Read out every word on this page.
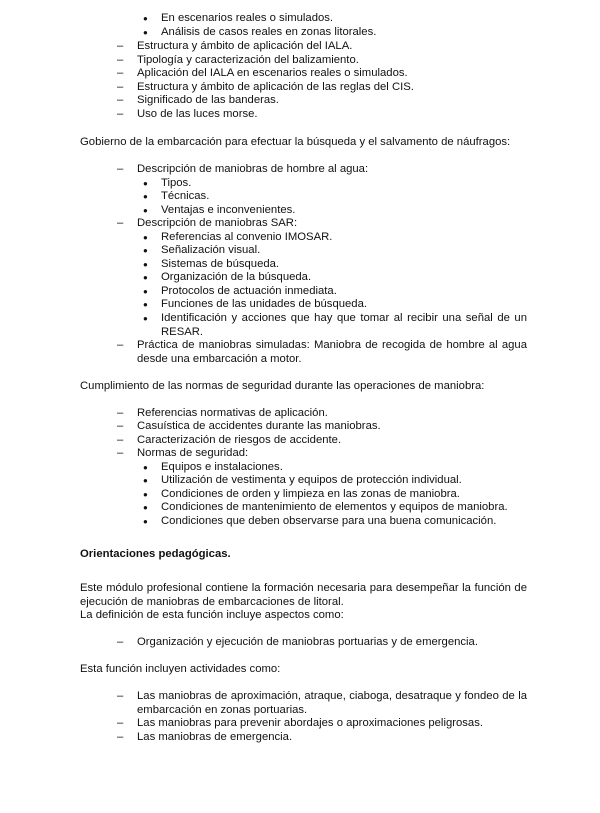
● En escenarios reales o simulados.
● Análisis de casos reales en zonas litorales.
– Estructura y ámbito de aplicación del IALA.
– Tipología y caracterización del balizamiento.
– Aplicación del IALA en escenarios reales o simulados.
– Estructura y ámbito de aplicación de las reglas del CIS.
– Significado de las banderas.
– Uso de las luces morse.
Gobierno de la embarcación para efectuar la búsqueda y el salvamento de náufragos:
– Descripción de maniobras de hombre al agua:
● Tipos.
● Técnicas.
● Ventajas e inconvenientes.
– Descripción de maniobras SAR:
● Referencias al convenio IMOSAR.
● Señalización visual.
● Sistemas de búsqueda.
● Organización de la búsqueda.
● Protocolos de actuación inmediata.
● Funciones de las unidades de búsqueda.
● Identificación y acciones que hay que tomar al recibir una señal de un RESAR.
– Práctica de maniobras simuladas: Maniobra de recogida de hombre al agua desde una embarcación a motor.
Cumplimiento de las normas de seguridad durante las operaciones de maniobra:
– Referencias normativas de aplicación.
– Casuística de accidentes durante las maniobras.
– Caracterización de riesgos de accidente.
– Normas de seguridad:
● Equipos e instalaciones.
● Utilización de vestimenta y equipos de protección individual.
● Condiciones de orden y limpieza en las zonas de maniobra.
● Condiciones de mantenimiento de elementos y equipos de maniobra.
● Condiciones que deben observarse para una buena comunicación.
Orientaciones pedagógicas.
Este módulo profesional contiene la formación necesaria para desempeñar la función de ejecución de maniobras de embarcaciones de litoral.
La definición de esta función incluye aspectos como:
– Organización y ejecución de maniobras portuarias y de emergencia.
Esta función incluyen actividades como:
– Las maniobras de aproximación, atraque, ciaboga, desatraque y fondeo de la embarcación en zonas portuarias.
– Las maniobras para prevenir abordajes o aproximaciones peligrosas.
– Las maniobras de emergencia.
